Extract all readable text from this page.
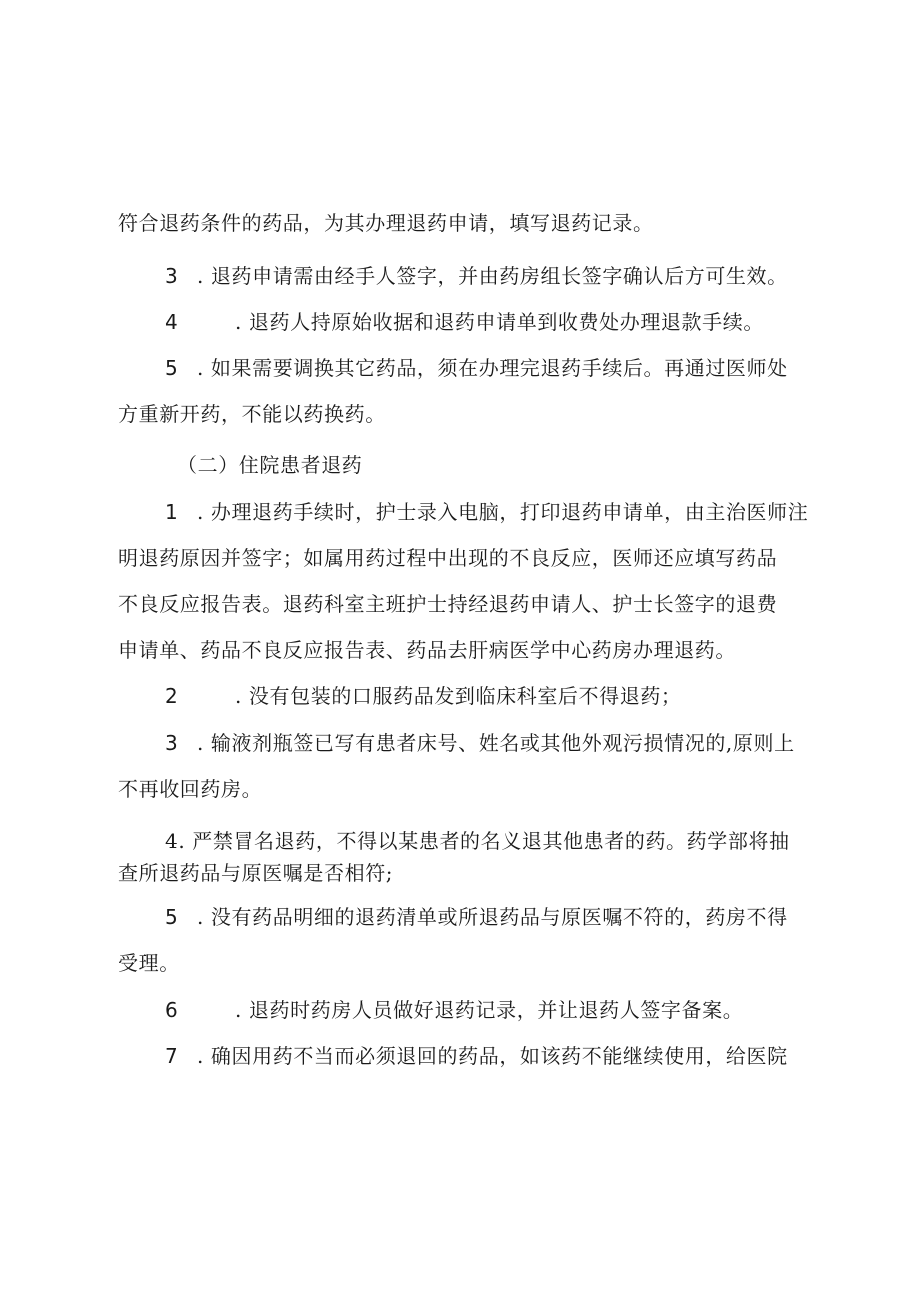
符合退药条件的药品，为其办理退药申请，填写退药记录。
3 . 退药申请需由经手人签字，并由药房组长签字确认后方可生效。
4	. 退药人持原始收据和退药申请单到收费处办理退款手续。
5 . 如果需要调换其它药品，须在办理完退药手续后。再通过医师处
方重新开药，不能以药换药。
（二）住院患者退药
1 . 办理退药手续时，护士录入电脑，打印退药申请单，由主治医师注
明退药原因并签字；如属用药过程中出现的不良反应，医师还应填写药品
不良反应报告表。退药科室主班护士持经退药申请人、护士长签字的退费
申请单、药品不良反应报告表、药品去肝病医学中心药房办理退药。
2	. 没有包装的口服药品发到临床科室后不得退药；
3 . 输液剂瓶签已写有患者床号、姓名或其他外观污损情况的,原则上
不再收回药房。
4. 严禁冒名退药，不得以某患者的名义退其他患者的药。药学部将抽
查所退药品与原医嘱是否相符;
5 . 没有药品明细的退药清单或所退药品与原医嘱不符的，药房不得
受理。
6	. 退药时药房人员做好退药记录，并让退药人签字备案。
7 . 确因用药不当而必须退回的药品，如该药不能继续使用，给医院
